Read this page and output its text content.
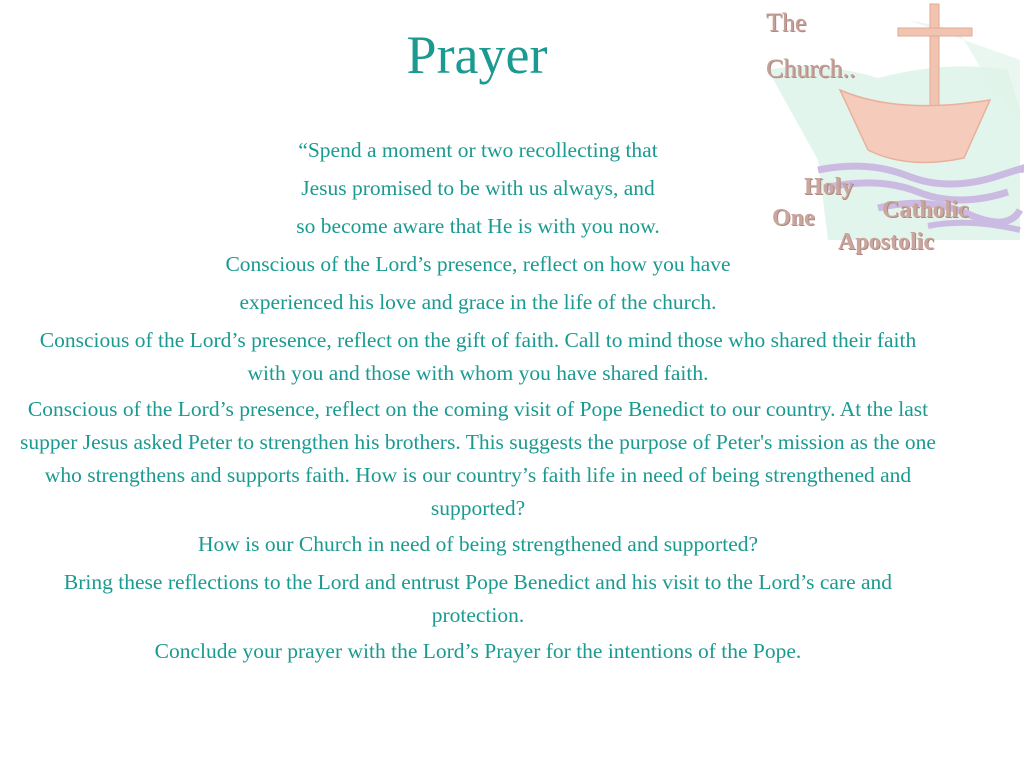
Prayer
The
Church..
Holy
One	Catholic
Apostolic

“Spend a moment or two recollecting that

Jesus promised to be with us always, and

so become aware that He is with you now.

Conscious of the Lord’s presence, reflect on how you have

experienced his love and grace in the life of the church.

Conscious of the Lord’s presence, reflect on the gift of faith. Call to mind those who shared their faith with you and those with whom you have shared faith.

Conscious of the Lord’s presence, reflect on the coming visit of Pope Benedict to our country. At the last supper Jesus asked Peter to strengthen his brothers. This suggests the purpose of Peter's mission as the one who strengthens and supports faith. How is our country’s faith life in need of being strengthened and supported?

How is our Church in need of being strengthened and supported?

Bring these reflections to the Lord and entrust Pope Benedict and his visit to the Lord’s care and protection.

Conclude your prayer with the Lord’s Prayer for the intentions of the Pope.
